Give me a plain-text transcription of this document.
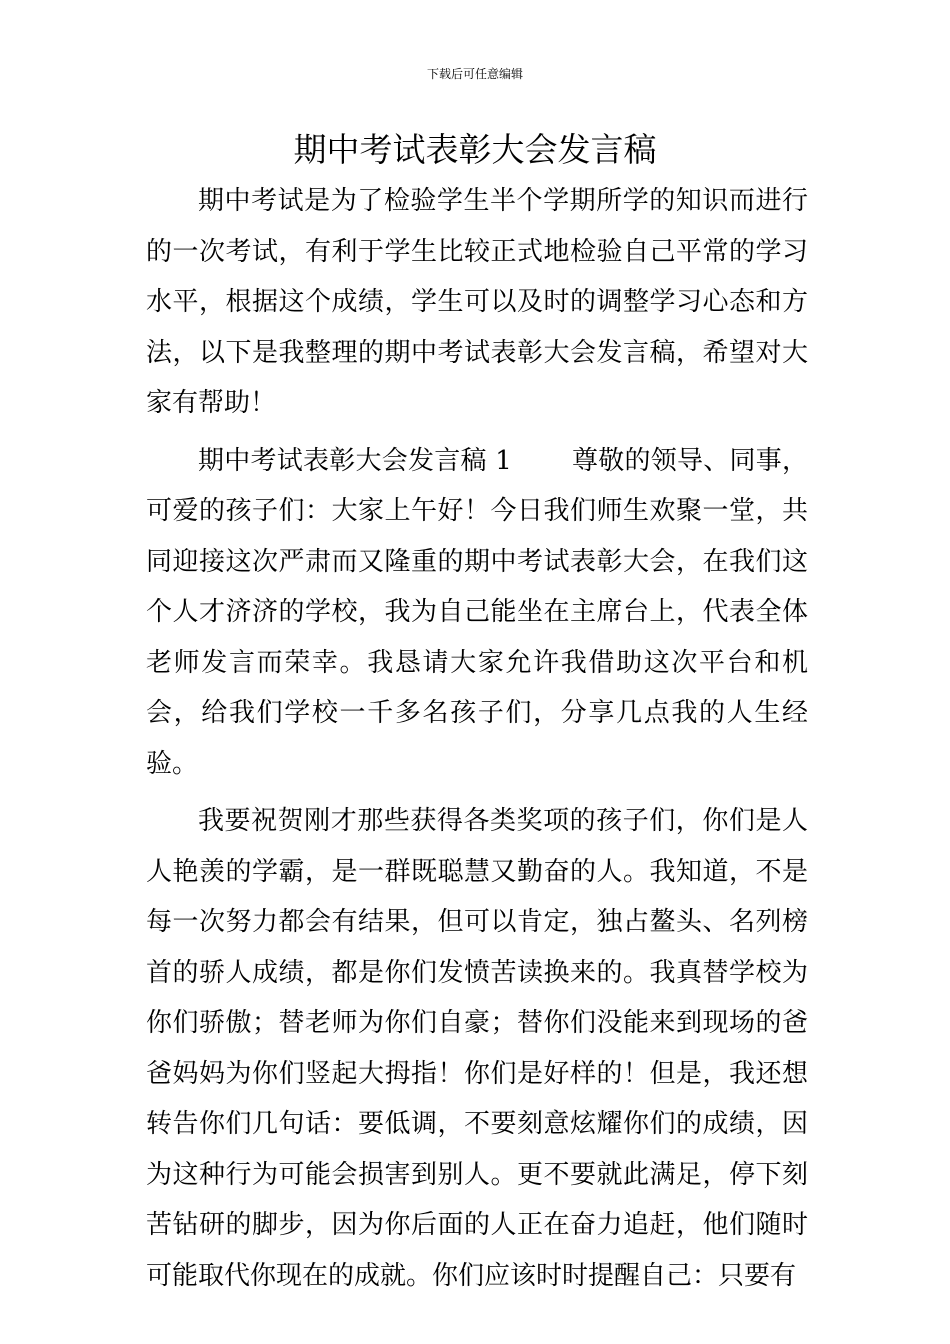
下载后可任意编辑
期中考试表彰大会发言稿

期中考试是为了检验学生半个学期所学的知识而进行的一次考试，有利于学生比较正式地检验自己平常的学习水平，根据这个成绩，学生可以及时的调整学习心态和方法，以下是我整理的期中考试表彰大会发言稿，希望对大家有帮助！

期中考试表彰大会发言稿 1 尊敬的领导、同事，可爱的孩子们：大家上午好！今日我们师生欢聚一堂，共同迎接这次严肃而又隆重的期中考试表彰大会，在我们这个人才济济的学校，我为自己能坐在主席台上，代表全体老师发言而荣幸。我恳请大家允许我借助这次平台和机会，给我们学校一千多名孩子们，分享几点我的人生经验。

我要祝贺刚才那些获得各类奖项的孩子们，你们是人人艳羡的学霸，是一群既聪慧又勤奋的人。我知道，不是每一次努力都会有结果，但可以肯定，独占鳌头、名列榜首的骄人成绩，都是你们发愤苦读换来的。我真替学校为你们骄傲；替老师为你们自豪；替你们没能来到现场的爸爸妈妈为你们竖起大拇指！你们是好样的！但是，我还想转告你们几句话：要低调，不要刻意炫耀你们的成绩，因为这种行为可能会损害到别人。更不要就此满足，停下刻苦钻研的脚步，因为你后面的人正在奋力追赶，他们随时可能取代你现在的成就。你们应该时时提醒自己：只要有
